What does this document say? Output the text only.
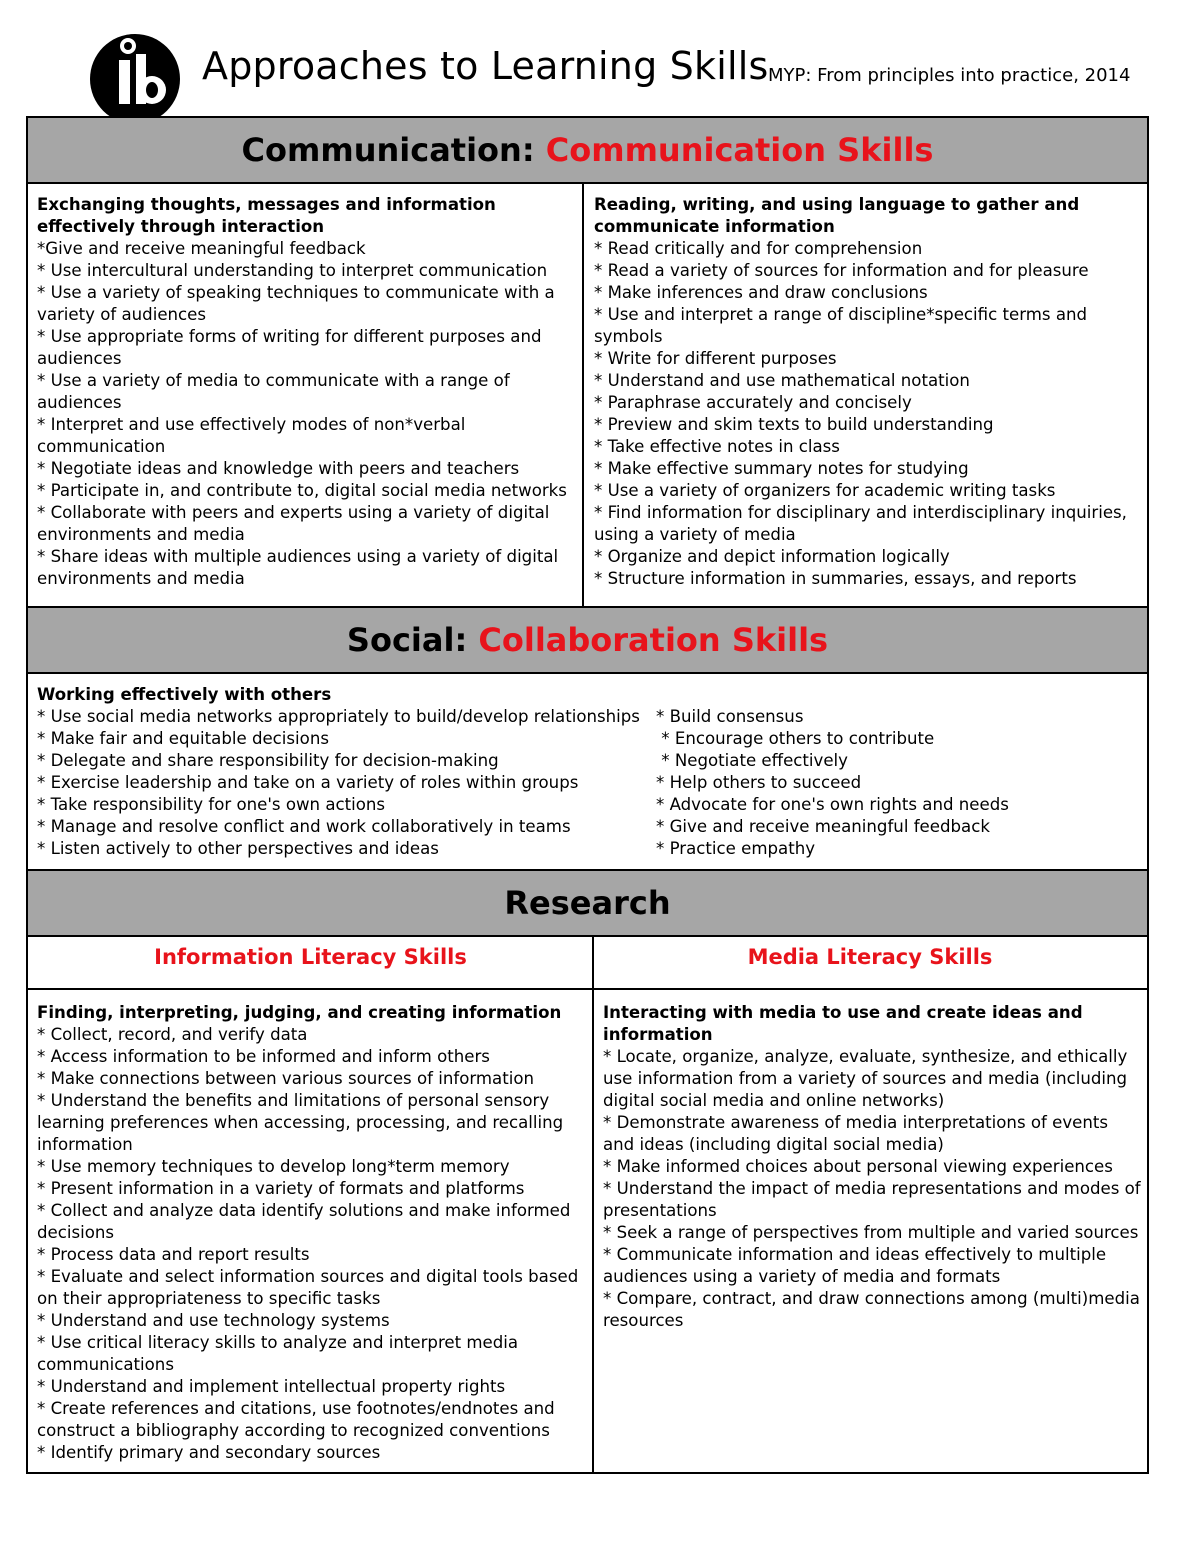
Approaches to Learning Skills MYP: From principles into practice, 2014
Communication: Communication Skills
Exchanging thoughts, messages and information effectively through interaction
*Give and receive meaningful feedback
* Use intercultural understanding to interpret communication
* Use a variety of speaking techniques to communicate with a variety of audiences
* Use appropriate forms of writing for different purposes and audiences
* Use a variety of media to communicate with a range of audiences
* Interpret and use effectively modes of non*verbal communication
* Negotiate ideas and knowledge with peers and teachers
* Participate in, and contribute to, digital social media networks
* Collaborate with peers and experts using a variety of digital environments and media
* Share ideas with multiple audiences using a variety of digital environments and media
Reading, writing, and using language to gather and communicate information
* Read critically and for comprehension
* Read a variety of sources for information and for pleasure
* Make inferences and draw conclusions
* Use and interpret a range of discipline*specific terms and symbols
* Write for different purposes
* Understand and use mathematical notation
* Paraphrase accurately and concisely
* Preview and skim texts to build understanding
* Take effective notes in class
* Make effective summary notes for studying
* Use a variety of organizers for academic writing tasks
* Find information for disciplinary and interdisciplinary inquiries, using a variety of media
* Organize and depict information logically
* Structure information in summaries, essays, and reports
Social: Collaboration Skills
Working effectively with others
* Use social media networks appropriately to build/develop relationships
* Make fair and equitable decisions
* Delegate and share responsibility for decision-making
* Exercise leadership and take on a variety of roles within groups
* Take responsibility for one's own actions
* Manage and resolve conflict and work collaboratively in teams
* Listen actively to other perspectives and ideas
* Build consensus
* Encourage others to contribute
* Negotiate effectively
* Help others to succeed
* Advocate for one's own rights and needs
* Give and receive meaningful feedback
* Practice empathy
Research
Information Literacy Skills	Media Literacy Skills
Finding, interpreting, judging, and creating information
* Collect, record, and verify data
* Access information to be informed and inform others
* Make connections between various sources of information
* Understand the benefits and limitations of personal sensory learning preferences when accessing, processing, and recalling information
* Use memory techniques to develop long*term memory
* Present information in a variety of formats and platforms
* Collect and analyze data identify solutions and make informed decisions
* Process data and report results
* Evaluate and select information sources and digital tools based on their appropriateness to specific tasks
* Understand and use technology systems
* Use critical literacy skills to analyze and interpret media communications
* Understand and implement intellectual property rights
* Create references and citations, use footnotes/endnotes and construct a bibliography according to recognized conventions
* Identify primary and secondary sources
Interacting with media to use and create ideas and information
* Locate, organize, analyze, evaluate, synthesize, and ethically use information from a variety of sources and media (including digital social media and online networks)
* Demonstrate awareness of media interpretations of events and ideas (including digital social media)
* Make informed choices about personal viewing experiences
* Understand the impact of media representations and modes of presentations
* Seek a range of perspectives from multiple and varied sources
* Communicate information and ideas effectively to multiple audiences using a variety of media and formats
* Compare, contract, and draw connections among (multi)media resources
